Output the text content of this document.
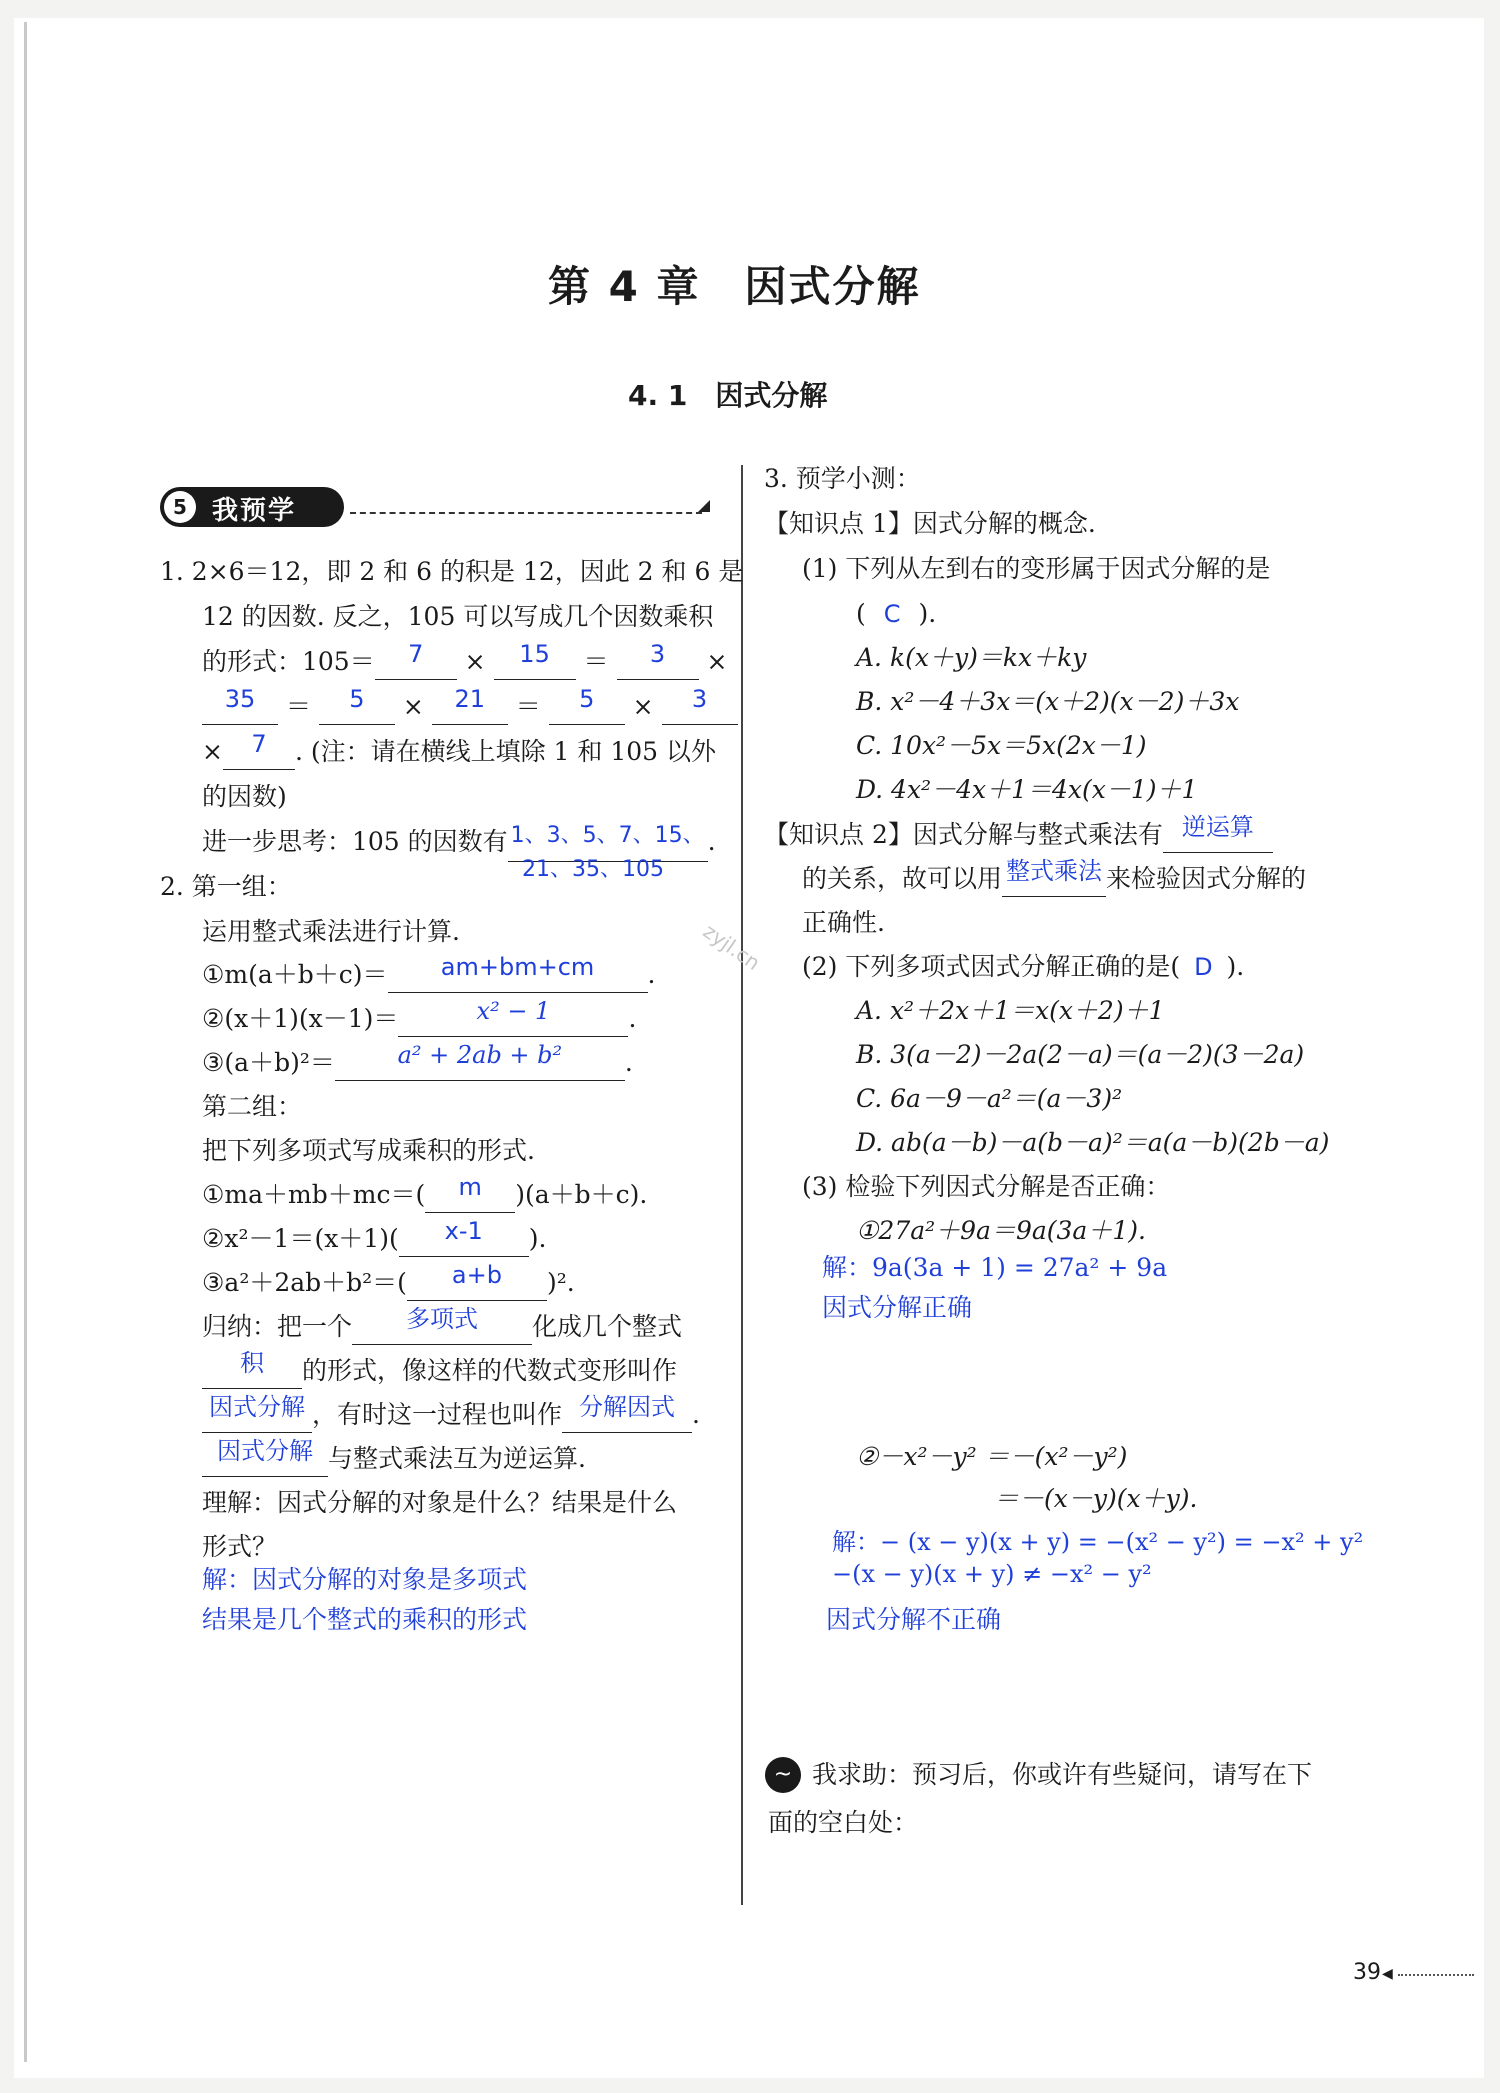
第 4 章　因式分解
4. 1　因式分解
5 我预学
1. 2×6＝12，即 2 和 6 的积是 12，因此 2 和 6 是
12 的因数. 反之，105 可以写成几个因数乘积
的形式：105＝ 7 × 15 ＝ 3 ×
35 ＝ 5 × 21 ＝ 5 × 3
× 7 . (注：请在横线上填除 1 和 105 以外
的因数)
进一步思考：105 的因数有 1、3、5、7、15、 .
21、35、105
2. 第一组：
运用整式乘法进行计算.
①m(a＋b＋c)＝ am+bm+cm .
②(x＋1)(x－1)＝	x² − 1	.
③(a＋b)²＝	a² + 2ab + b²	.
第二组：
把下列多项式写成乘积的形式.
①ma＋mb＋mc＝( m )(a＋b＋c).
②x²－1＝(x＋1)( x-1 ).
③a²＋2ab＋b²＝( a+b )².
归纳：把一个 多项式 化成几个整式
积 的形式，像这样的代数式变形叫作
因式分解 ，有时这一过程也叫作 分解因式 .
因式分解 与整式乘法互为逆运算.
理解：因式分解的对象是什么？结果是什么
形式？
解：因式分解的对象是多项式
结果是几个整式的乘积的形式
3. 预学小测：
【知识点 1】因式分解的概念.
(1) 下列从左到右的变形属于因式分解的是
( C ).
A. k(x＋y)＝kx＋ky
B. x²－4＋3x＝(x＋2)(x－2)＋3x
C. 10x²－5x＝5x(2x－1)
D. 4x²－4x＋1＝4x(x－1)＋1
【知识点 2】因式分解与整式乘法有 逆运算
的关系，故可以用 整式乘法 来检验因式分解的
正确性.
(2) 下列多项式因式分解正确的是( D ).
A. x²＋2x＋1＝x(x＋2)＋1
B. 3(a－2)－2a(2－a)＝(a－2)(3－2a)
C. 6a－9－a²＝(a－3)²
D. ab(a－b)－a(b－a)²＝a(a－b)(2b－a)
(3) 检验下列因式分解是否正确：
①27a²＋9a＝9a(3a＋1).
解：9a(3a + 1) = 27a² + 9a
因式分解正确
②－x²－y² ＝－(x²－y²)
＝－(x－y)(x＋y).
解：− (x − y)(x + y) = −(x² − y²) = −x² + y²
−(x − y)(x + y) ≠ −x² − y²
因式分解不正确
~ 我求助：预习后，你或许有些疑问，请写在下
面的空白处：
zyjl.cn
39 ◀
